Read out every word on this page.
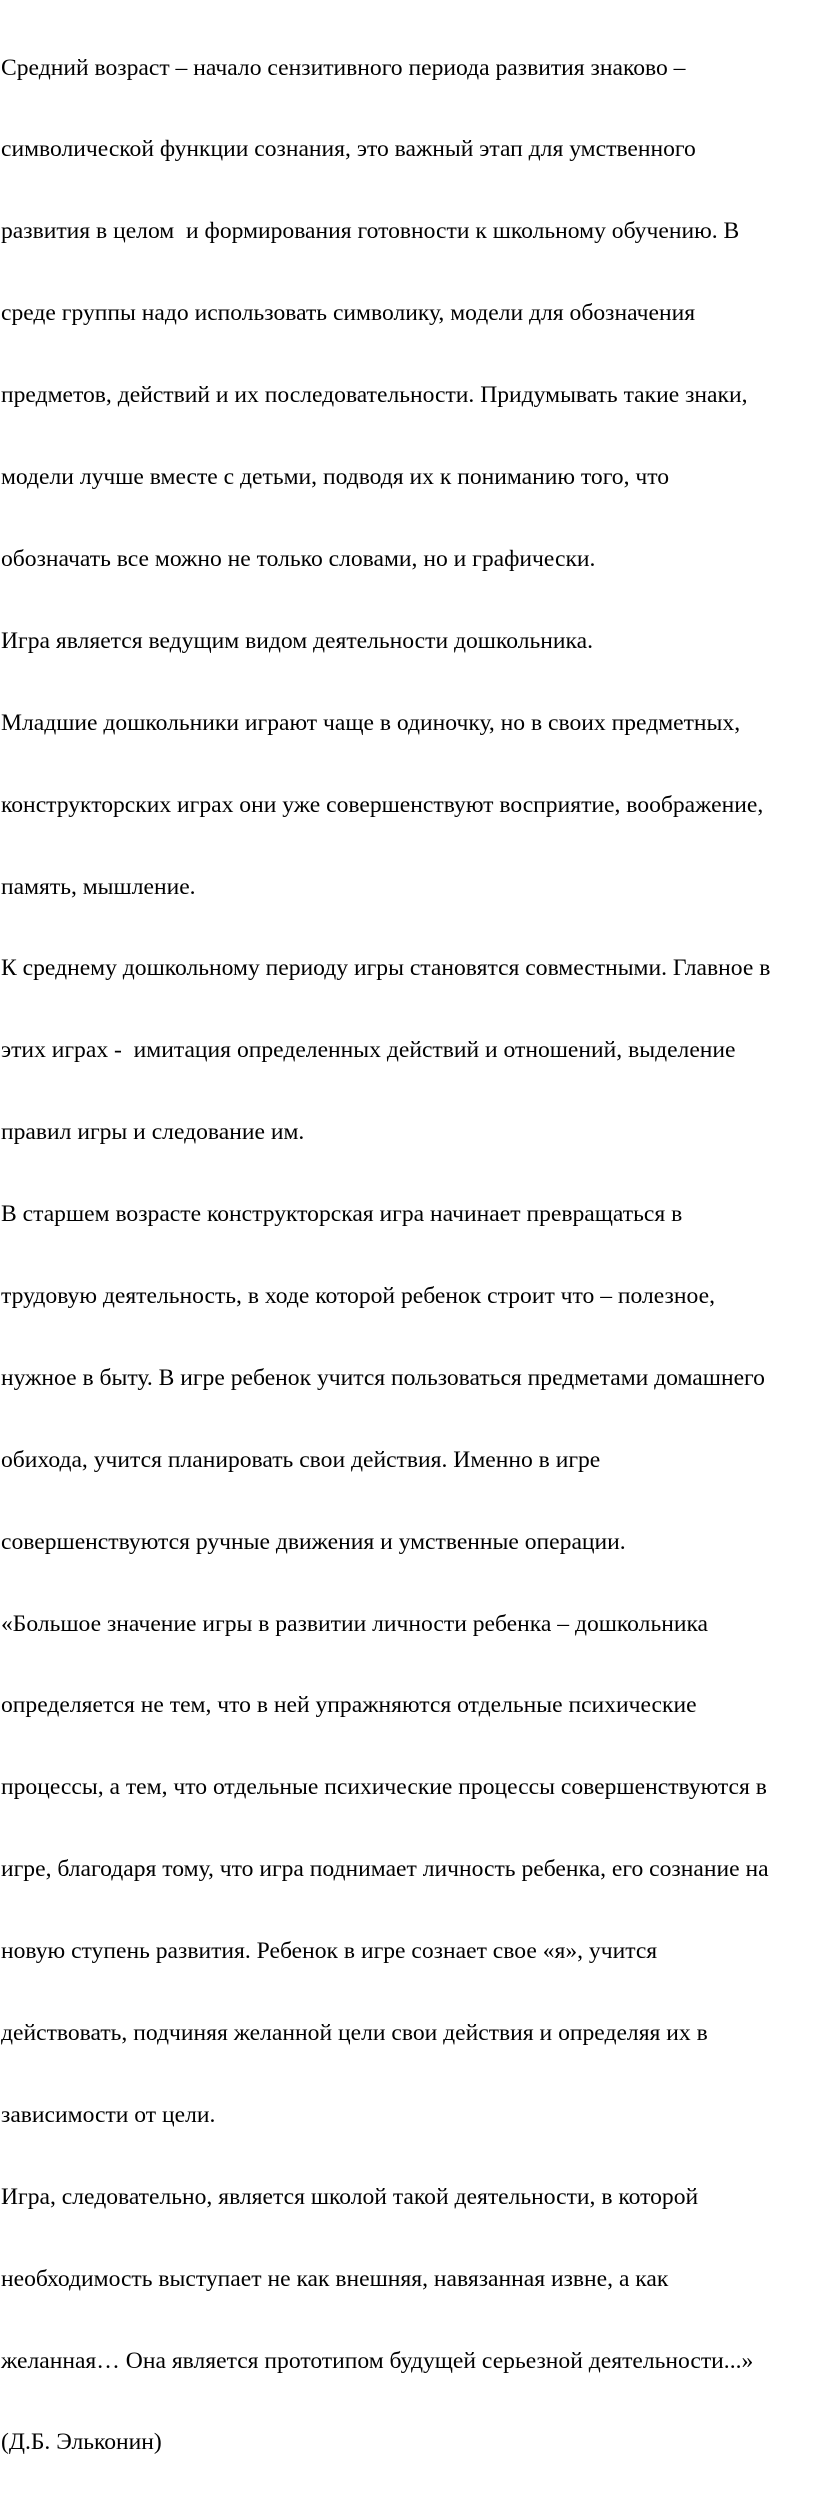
Средний возраст – начало сензитивного периода развития знаково –

символической функции сознания, это важный этап для умственного

развития в целом  и формирования готовности к школьному обучению. В

среде группы надо использовать символику, модели для обозначения

предметов, действий и их последовательности. Придумывать такие знаки,

модели лучше вместе с детьми, подводя их к пониманию того, что

обозначать все можно не только словами, но и графически.

Игра является ведущим видом деятельности дошкольника.

Младшие дошкольники играют чаще в одиночку, но в своих предметных,

конструкторских играх они уже совершенствуют восприятие, воображение,

память, мышление.

К среднему дошкольному периоду игры становятся совместными. Главное в

этих играх -  имитация определенных действий и отношений, выделение

правил игры и следование им.

В старшем возрасте конструкторская игра начинает превращаться в

трудовую деятельность, в ходе которой ребенок строит что – полезное,

нужное в быту. В игре ребенок учится пользоваться предметами домашнего

обихода, учится планировать свои действия. Именно в игре

совершенствуются ручные движения и умственные операции.

«Большое значение игры в развитии личности ребенка – дошкольника

определяется не тем, что в ней упражняются отдельные психические

процессы, а тем, что отдельные психические процессы совершенствуются в

игре, благодаря тому, что игра поднимает личность ребенка, его сознание на

новую ступень развития. Ребенок в игре сознает свое «я», учится

действовать, подчиняя желанной цели свои действия и определяя их в

зависимости от цели.

Игра, следовательно, является школой такой деятельности, в которой

необходимость выступает не как внешняя, навязанная извне, а как

желанная… Она является прототипом будущей серьезной деятельности...»

(Д.Б. Эльконин)
